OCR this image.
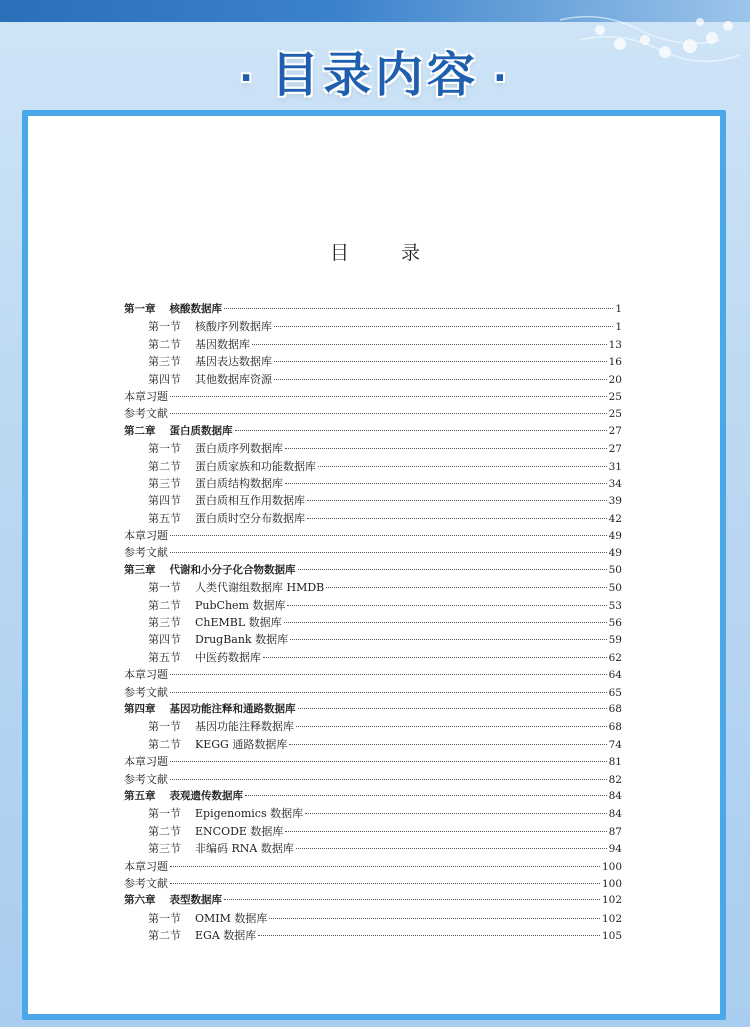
· 目录内容 ·
目录
第一章 核酸数据库	1
第一节 核酸序列数据库	1
第二节 基因数据库	13
第三节 基因表达数据库	16
第四节 其他数据库资源	20
本章习题	25
参考文献	25
第二章 蛋白质数据库	27
第一节 蛋白质序列数据库	27
第二节 蛋白质家族和功能数据库	31
第三节 蛋白质结构数据库	34
第四节 蛋白质相互作用数据库	39
第五节 蛋白质时空分布数据库	42
本章习题	49
参考文献	49
第三章 代谢和小分子化合物数据库	50
第一节 人类代谢组数据库 HMDB	50
第二节 PubChem 数据库	53
第三节 ChEMBL 数据库	56
第四节 DrugBank 数据库	59
第五节 中医药数据库	62
本章习题	64
参考文献	65
第四章 基因功能注释和通路数据库	68
第一节 基因功能注释数据库	68
第二节 KEGG 通路数据库	74
本章习题	81
参考文献	82
第五章 表观遗传数据库	84
第一节 Epigenomics 数据库	84
第二节 ENCODE 数据库	87
第三节 非编码 RNA 数据库	94
本章习题	100
参考文献	100
第六章 表型数据库	102
第一节 OMIM 数据库	102
第二节 EGA 数据库	105
